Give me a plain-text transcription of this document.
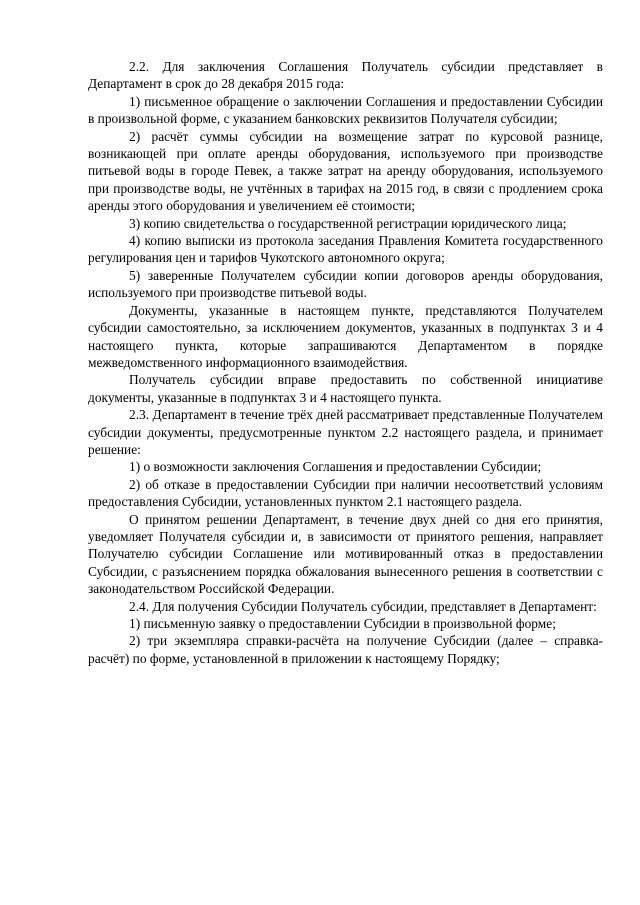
2.2. Для заключения Соглашения Получатель субсидии представляет в Департамент в срок до 28 декабря 2015 года:

1) письменное обращение о заключении Соглашения и предоставлении Субсидии в произвольной форме, с указанием банковских реквизитов Получателя субсидии;

2) расчёт суммы субсидии на возмещение затрат по курсовой разнице, возникающей при оплате аренды оборудования, используемого при производстве питьевой воды в городе Певек, а также затрат на аренду оборудования, используемого при производстве воды, не учтённых в тарифах на 2015 год, в связи с продлением срока аренды этого оборудования и увеличением её стоимости;

3) копию свидетельства о государственной регистрации юридического лица;

4) копию выписки из протокола заседания Правления Комитета государственного регулирования цен и тарифов Чукотского автономного округа;

5) заверенные Получателем субсидии копии договоров аренды оборудования, используемого при производстве питьевой воды.

Документы, указанные в настоящем пункте, представляются Получателем субсидии самостоятельно, за исключением документов, указанных в подпунктах 3 и 4 настоящего пункта, которые запрашиваются Департаментом в порядке межведомственного информационного взаимодействия.

Получатель субсидии вправе предоставить по собственной инициативе документы, указанные в подпунктах 3 и 4 настоящего пункта.

2.3. Департамент в течение трёх дней рассматривает представленные Получателем субсидии документы, предусмотренные пунктом 2.2 настоящего раздела, и принимает решение:

1) о возможности заключения Соглашения и предоставлении Субсидии;

2) об отказе в предоставлении Субсидии при наличии несоответствий условиям предоставления Субсидии, установленных пунктом 2.1 настоящего раздела.

О принятом решении Департамент, в течение двух дней со дня его принятия, уведомляет Получателя субсидии и, в зависимости от принятого решения, направляет Получателю субсидии Соглашение или мотивированный отказ в предоставлении Субсидии, с разъяснением порядка обжалования вынесенного решения в соответствии с законодательством Российской Федерации.

2.4. Для получения Субсидии Получатель субсидии, представляет в Департамент:

1) письменную заявку о предоставлении Субсидии в произвольной форме;

2) три экземпляра справки-расчёта на получение Субсидии (далее – справка-расчёт) по форме, установленной в приложении к настоящему Порядку;
